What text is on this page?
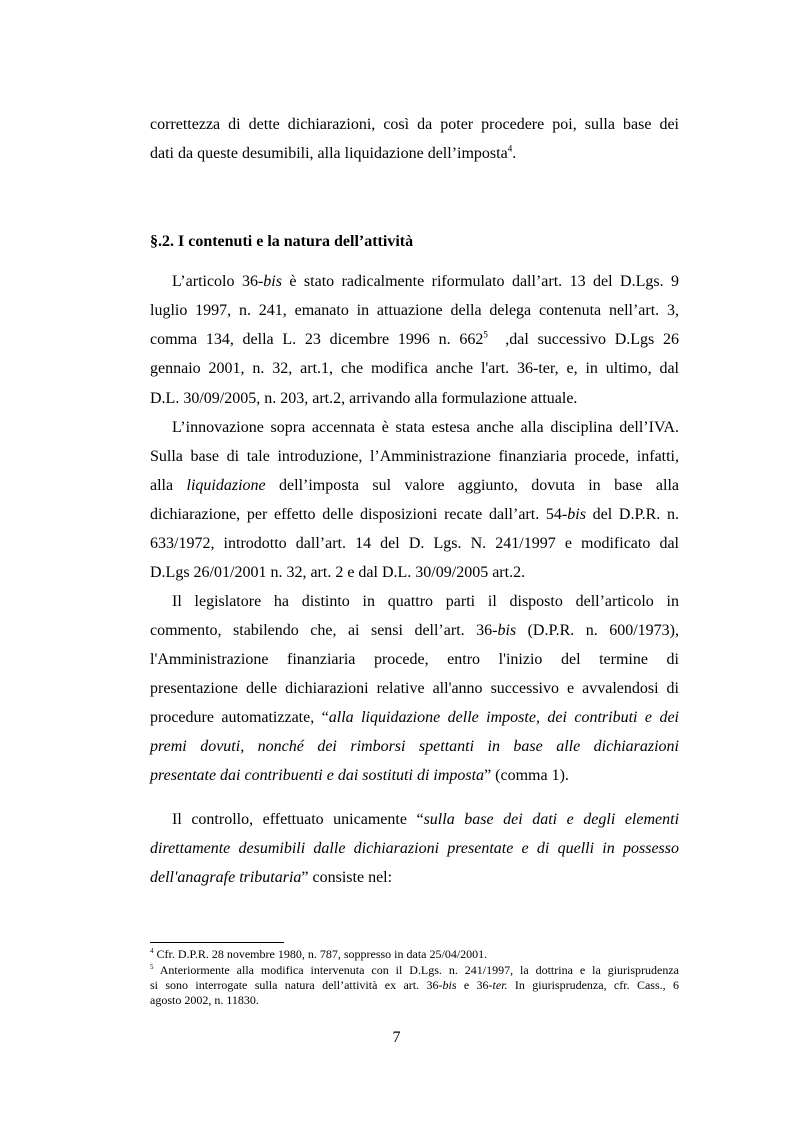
correttezza di dette dichiarazioni, così da poter procedere poi, sulla base dei
dati da queste desumibili, alla liquidazione dell’imposta$^4$.
§.2. I contenuti e la natura dell’attività
L’articolo 36-bis è stato radicalmente riformulato dall’art. 13 del D.Lgs. 9
luglio 1997, n. 241, emanato in attuazione della delega contenuta nell’art. 3,
comma 134, della L. 23 dicembre 1996 n. $662^5$  ,dal successivo D.Lgs 26
gennaio 2001, n. 32, art.1, che modifica anche l'art. 36-ter, e, in ultimo, dal
D.L. 30/09/2005, n. 203, art.2, arrivando alla formulazione attuale.
L’innovazione sopra accennata è stata estesa anche alla disciplina dell’IVA.
Sulla base di tale introduzione, l’Amministrazione finanziaria procede, infatti,
alla liquidazione dell’imposta sul valore aggiunto, dovuta in base alla
dichiarazione, per effetto delle disposizioni recate dall’art. 54-bis del D.P.R. n.
633/1972, introdotto dall’art. 14 del D. Lgs. N. 241/1997 e modificato dal
D.Lgs 26/01/2001 n. 32, art. 2 e dal D.L. 30/09/2005 art.2.
Il legislatore ha distinto in quattro parti il disposto dell’articolo in
commento, stabilendo che, ai sensi dell’art. 36-bis (D.P.R. n. 600/1973),
l'Amministrazione finanziaria procede, entro l'inizio del termine di
presentazione delle dichiarazioni relative all'anno successivo e avvalendosi di
procedure automatizzate, “alla liquidazione delle imposte, dei contributi e dei
premi dovuti, nonché dei rimborsi spettanti in base alle dichiarazioni
presentate dai contribuenti e dai sostituti di imposta” (comma 1).
Il controllo, effettuato unicamente “sulla base dei dati e degli elementi
direttamente desumibili dalle dichiarazioni presentate e di quelli in possesso
dell'anagrafe tributaria” consiste nel:
$^4$ Cfr. D.P.R. 28 novembre 1980, n. 787, soppresso in data 25/04/2001.
$^5$ Anteriormente alla modifica intervenuta con il D.Lgs. n. 241/1997, la dottrina e la giurisprudenza
si sono interrogate sulla natura dell’attività ex art. 36-bis e 36-ter. In giurisprudenza, cfr. Cass., 6
agosto 2002, n. 11830.
7
